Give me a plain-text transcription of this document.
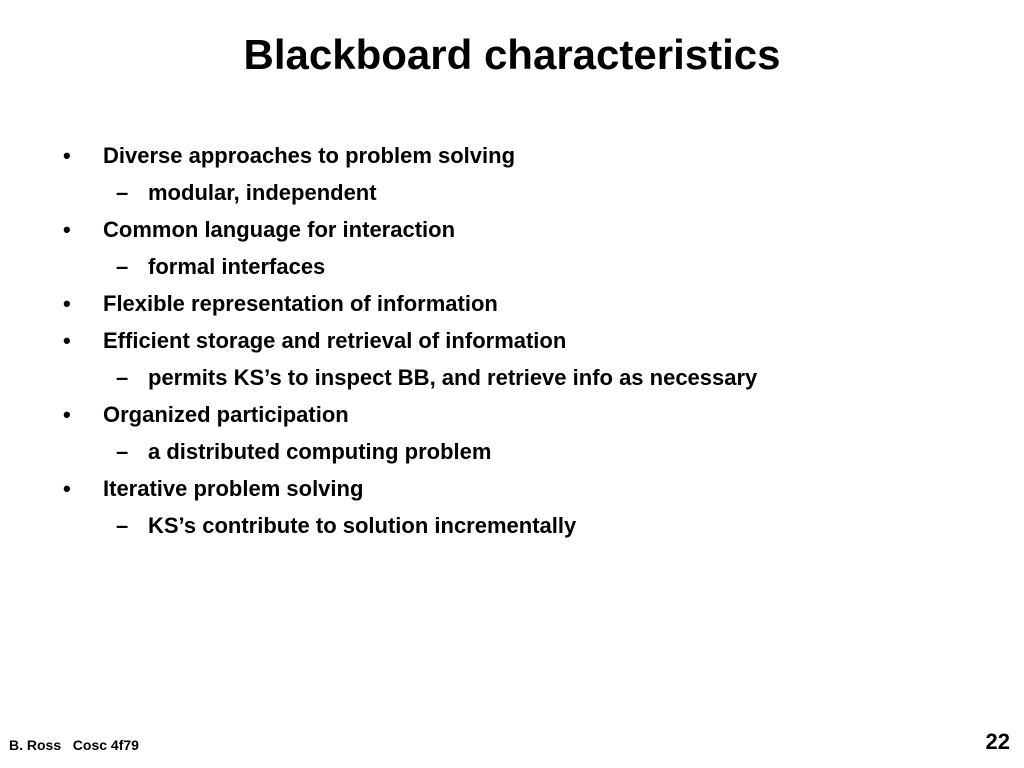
Blackboard characteristics
• Diverse approaches to problem solving
– modular, independent
• Common language for interaction
– formal interfaces
• Flexible representation of information
• Efficient storage and retrieval of information
– permits KS’s to inspect BB, and retrieve info as necessary
• Organized participation
– a distributed computing problem
• Iterative problem solving
– KS’s contribute to solution incrementally
B. Ross Cosc 4f79	22
